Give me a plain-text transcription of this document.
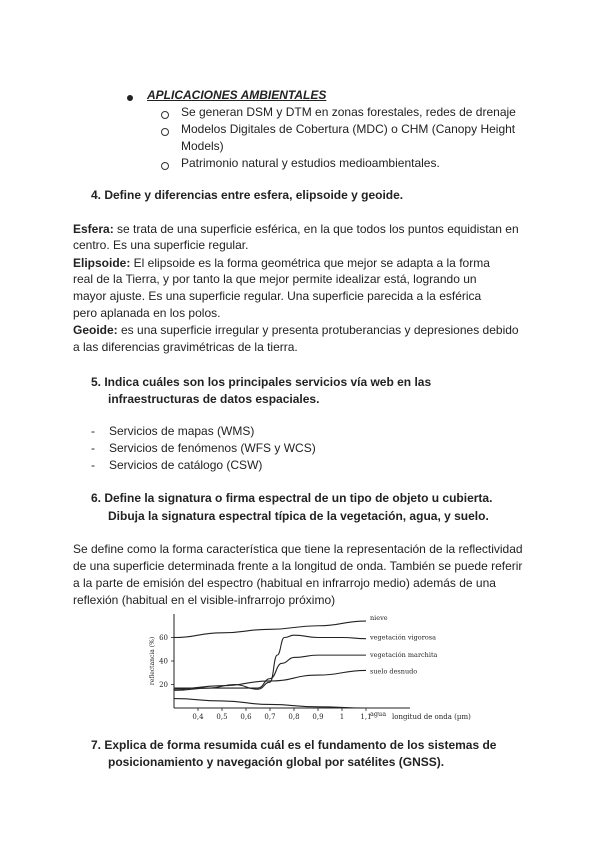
APLICACIONES AMBIENTALES
Se generan DSM y DTM en zonas forestales, redes de drenaje
Modelos Digitales de Cobertura (MDC) o CHM (Canopy Height
Models)
Patrimonio natural y estudios medioambientales.
4. Define y diferencias entre esfera, elipsoide y geoide.
Esfera: se trata de una superficie esférica, en la que todos los puntos equidistan en
centro. Es una superficie regular.
Elipsoide: El elipsoide es la forma geométrica que mejor se adapta a la forma
real de la Tierra, y por tanto la que mejor permite idealizar está, logrando un
mayor ajuste. Es una superficie regular. Una superficie parecida a la esférica
pero aplanada en los polos.
Geoide: es una superficie irregular y presenta protuberancias y depresiones debido
a las diferencias gravimétricas de la tierra.
5. Indica cuáles son los principales servicios vía web en las
infraestructuras de datos espaciales.
- Servicios de mapas (WMS)
- Servicios de fenómenos (WFS y WCS)
- Servicios de catálogo (CSW)
6. Define la signatura o firma espectral de un tipo de objeto u cubierta.
Dibuja la signatura espectral típica de la vegetación, agua, y suelo.
Se define como la forma característica que tiene la representación de la reflectividad
de una superficie determinada frente a la longitud de onda. También se puede referir
a la parte de emisión del espectro (habitual en infrarrojo medio) además de una
reflexión (habitual en el visible-infrarrojo próximo)
reflectancia (%) 20
40
60
0,4 0,5 0,6 0,7 0,8 0,9 1 1,1	longitud de onda (µm)
nieve
vegetación vigorosa
vegetación marchita
suelo desnudo
agua
7. Explica de forma resumida cuál es el fundamento de los sistemas de
posicionamiento y navegación global por satélites (GNSS).
